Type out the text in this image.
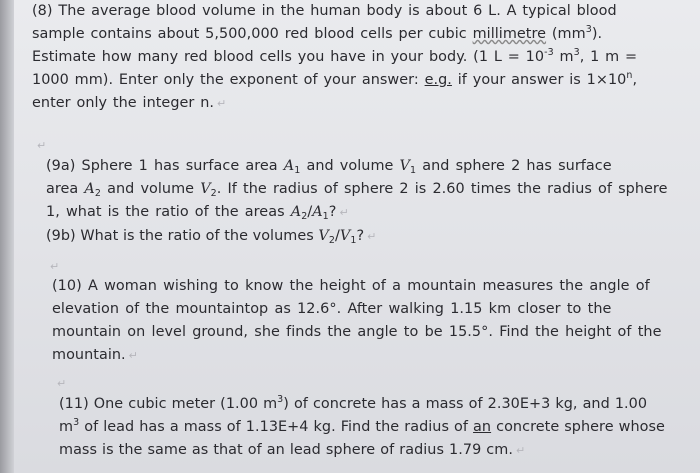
(8) The average blood volume in the human body is about 6 L. A typical blood
sample contains about 5,500,000 red blood cells per cubic millimetre $(mm^3)$.
Estimate how many red blood cells you have in your body. (1 $L = 10^{-3}$ $m^3$, 1 m =
1000 mm). Enter only the exponent of your answer: e.g. if your answer is $1\times 10^n$,
enter only the integer n. ↵
↵
(9a) Sphere 1 has surface area $A_1$ and volume $V_1$ and sphere 2 has surface
area $A_2$ and volume $V_2$. If the radius of sphere 2 is 2.60 times the radius of sphere
1, what is the ratio of the areas $A_2/A_1$? ↵
(9b) What is the ratio of the volumes $V_2/V_1$? ↵
↵
(10) A woman wishing to know the height of a mountain measures the angle of
elevation of the mountaintop as 12.6°. After walking 1.15 km closer to the
mountain on level ground, she finds the angle to be 15.5°. Find the height of the
mountain. ↵
↵
(11) One cubic meter (1.00 $m^3$) of concrete has a mass of 2.30E+3 kg, and 1.00
$m^3$ of lead has a mass of 1.13E+4 kg. Find the radius of an concrete sphere whose
mass is the same as that of an lead sphere of radius 1.79 cm. ↵
